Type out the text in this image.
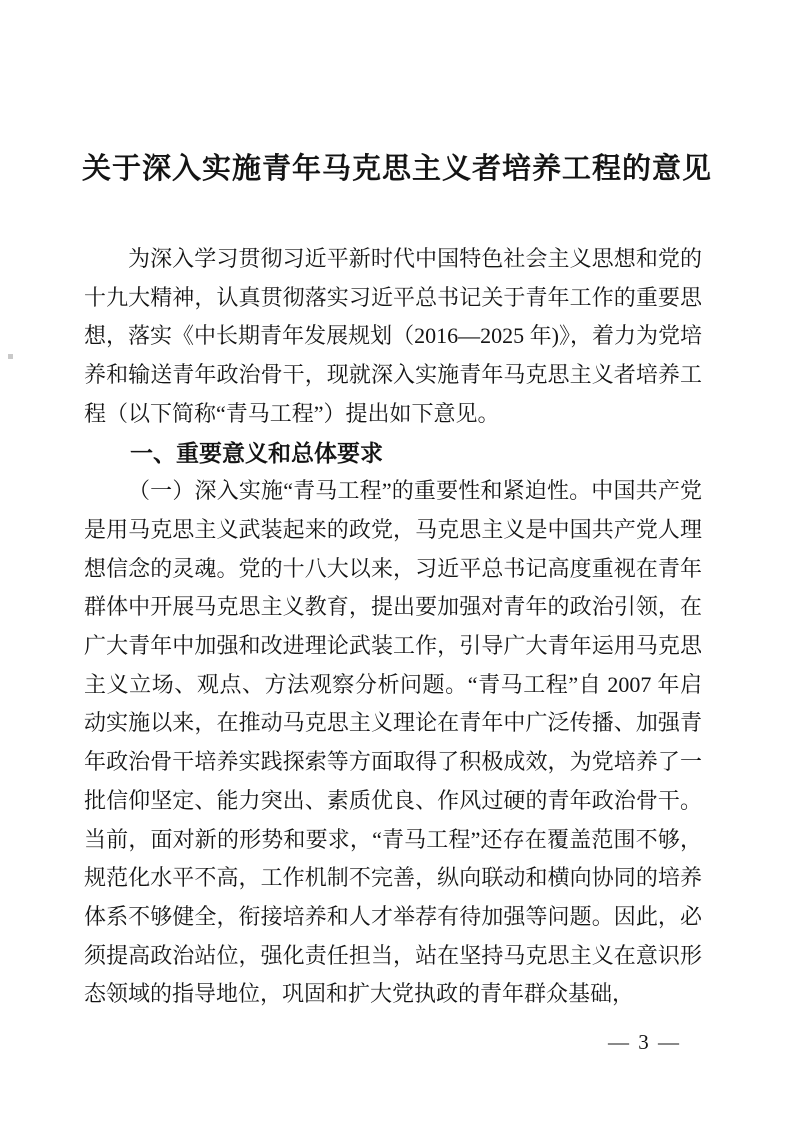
关于深入实施青年马克思主义者培养工程的意见

为深入学习贯彻习近平新时代中国特色社会主义思想和党的十九大精神，认真贯彻落实习近平总书记关于青年工作的重要思想，落实《中长期青年发展规划（2016—2025 年)》，着力为党培养和输送青年政治骨干，现就深入实施青年马克思主义者培养工程（以下简称“青马工程”）提出如下意见。

一、重要意义和总体要求

（一）深入实施“青马工程”的重要性和紧迫性。中国共产党是用马克思主义武装起来的政党，马克思主义是中国共产党人理想信念的灵魂。党的十八大以来，习近平总书记高度重视在青年群体中开展马克思主义教育，提出要加强对青年的政治引领，在广大青年中加强和改进理论武装工作，引导广大青年运用马克思主义立场、观点、方法观察分析问题。“青马工程”自 2007 年启动实施以来，在推动马克思主义理论在青年中广泛传播、加强青年政治骨干培养实践探索等方面取得了积极成效，为党培养了一批信仰坚定、能力突出、素质优良、作风过硬的青年政治骨干。当前，面对新的形势和要求，“青马工程”还存在覆盖范围不够，规范化水平不高，工作机制不完善，纵向联动和横向协同的培养体系不够健全，衔接培养和人才举荐有待加强等问题。因此，必须提高政治站位，强化责任担当，站在坚持马克思主义在意识形态领域的指导地位，巩固和扩大党执政的青年群众基础，

— 3 —
